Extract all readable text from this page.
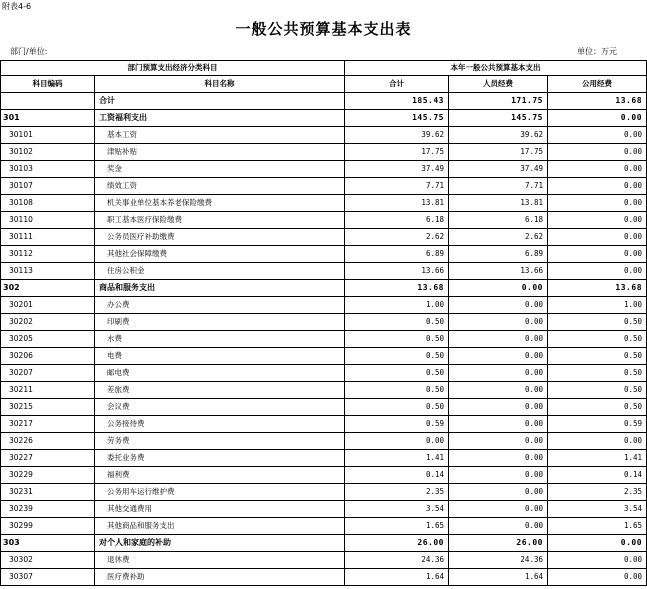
附表4-6
一般公共预算基本支出表
部门/单位:	单位：万元
部门预算支出经济分类科目		本年一般公共预算基本支出		
科目编码	科目名称	合计	人员经费	公用经费
	合计	185.43	171.75	13.68
301	工资福利支出	145.75	145.75	0.00
30101	基本工资	39.62	39.62	0.00
30102	津贴补贴	17.75	17.75	0.00
30103	奖金	37.49	37.49	0.00
30107	绩效工资	7.71	7.71	0.00
30108	机关事业单位基本养老保险缴费	13.81	13.81	0.00
30110	职工基本医疗保险缴费	6.18	6.18	0.00
30111	公务员医疗补助缴费	2.62	2.62	0.00
30112	其他社会保障缴费	6.89	6.89	0.00
30113	住房公积金	13.66	13.66	0.00
302	商品和服务支出	13.68	0.00	13.68
30201	办公费	1.00	0.00	1.00
30202	印刷费	0.50	0.00	0.50
30205	水费	0.50	0.00	0.50
30206	电费	0.50	0.00	0.50
30207	邮电费	0.50	0.00	0.50
30211	差旅费	0.50	0.00	0.50
30215	会议费	0.50	0.00	0.50
30217	公务接待费	0.59	0.00	0.59
30226	劳务费	0.00	0.00	0.00
30227	委托业务费	1.41	0.00	1.41
30229	福利费	0.14	0.00	0.14
30231	公务用车运行维护费	2.35	0.00	2.35
30239	其他交通费用	3.54	0.00	3.54
30299	其他商品和服务支出	1.65	0.00	1.65
303	对个人和家庭的补助	26.00	26.00	0.00
30302	退休费	24.36	24.36	0.00
30307	医疗费补助	1.64	1.64	0.00
